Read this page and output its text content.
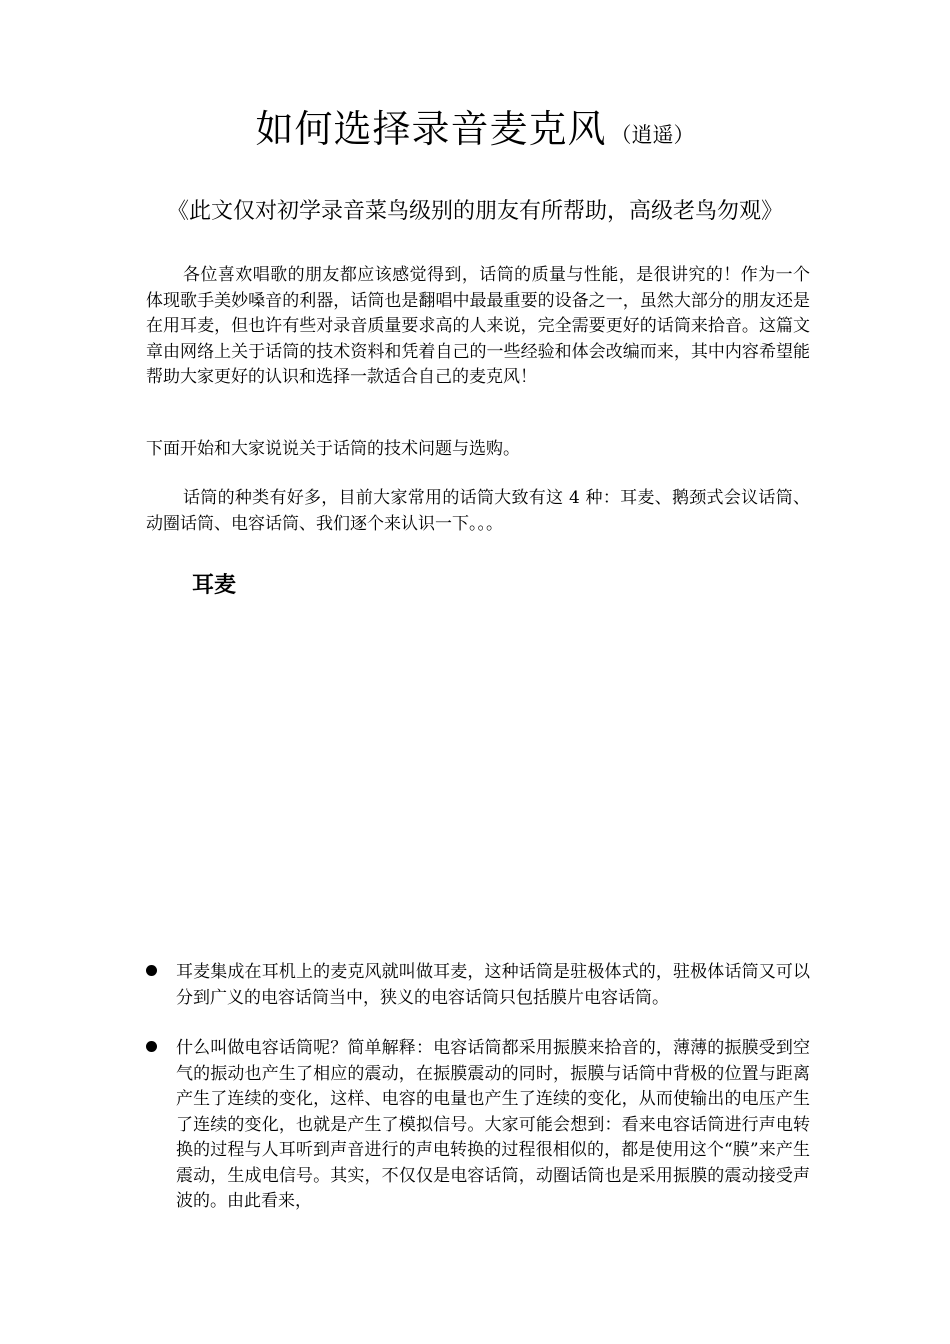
如何选择录音麦克风 （逍遥）
《此文仅对初学录音菜鸟级别的朋友有所帮助，高级老鸟勿观》

各位喜欢唱歌的朋友都应该感觉得到，话筒的质量与性能，是很讲究的！作为一个体现歌手美妙嗓音的利器，话筒也是翻唱中最最重要的设备之一，虽然大部分的朋友还是在用耳麦，但也许有些对录音质量要求高的人来说，完全需要更好的话筒来拾音。这篇文章由网络上关于话筒的技术资料和凭着自己的一些经验和体会改编而来，其中内容希望能帮助大家更好的认识和选择一款适合自己的麦克风！

下面开始和大家说说关于话筒的技术问题与选购。

话筒的种类有好多，目前大家常用的话筒大致有这 4 种：耳麦、鹅颈式会议话筒、动圈话筒、电容话筒、我们逐个来认识一下。。。

耳麦

耳麦集成在耳机上的麦克风就叫做耳麦，这种话筒是驻极体式的，驻极体话筒又可以分到广义的电容话筒当中，狭义的电容话筒只包括膜片电容话筒。

什么叫做电容话筒呢？简单解释：电容话筒都采用振膜来拾音的，薄薄的振膜受到空气的振动也产生了相应的震动，在振膜震动的同时，振膜与话筒中背极的位置与距离产生了连续的变化，这样、电容的电量也产生了连续的变化，从而使输出的电压产生了连续的变化，也就是产生了模拟信号。大家可能会想到：看来电容话筒进行声电转换的过程与人耳听到声音进行的声电转换的过程很相似的，都是使用这个“膜”来产生震动，生成电信号。其实，不仅仅是电容话筒，动圈话筒也是采用振膜的震动接受声波的。由此看来，
